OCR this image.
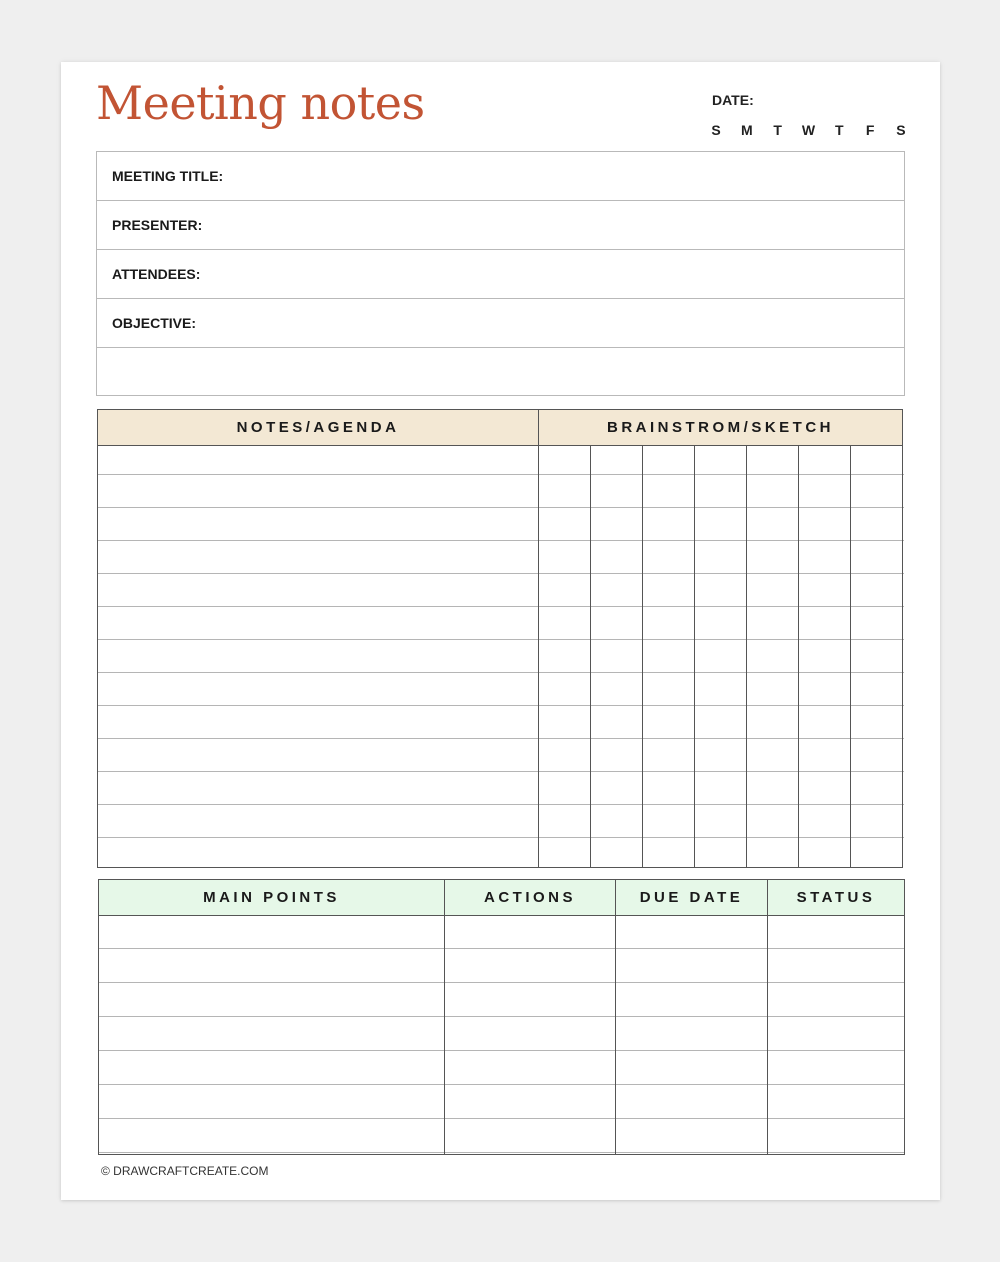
Meeting notes	DATE:
S	M	T	W	T	F	S
MEETING TITLE:
PRESENTER:
ATTENDEES:
OBJECTIVE:
NOTES/AGENDA	BRAINSTROM/SKETCH
MAIN POINTS	ACTIONS	DUE DATE	STATUS
© DRAWCRAFTCREATE.COM
